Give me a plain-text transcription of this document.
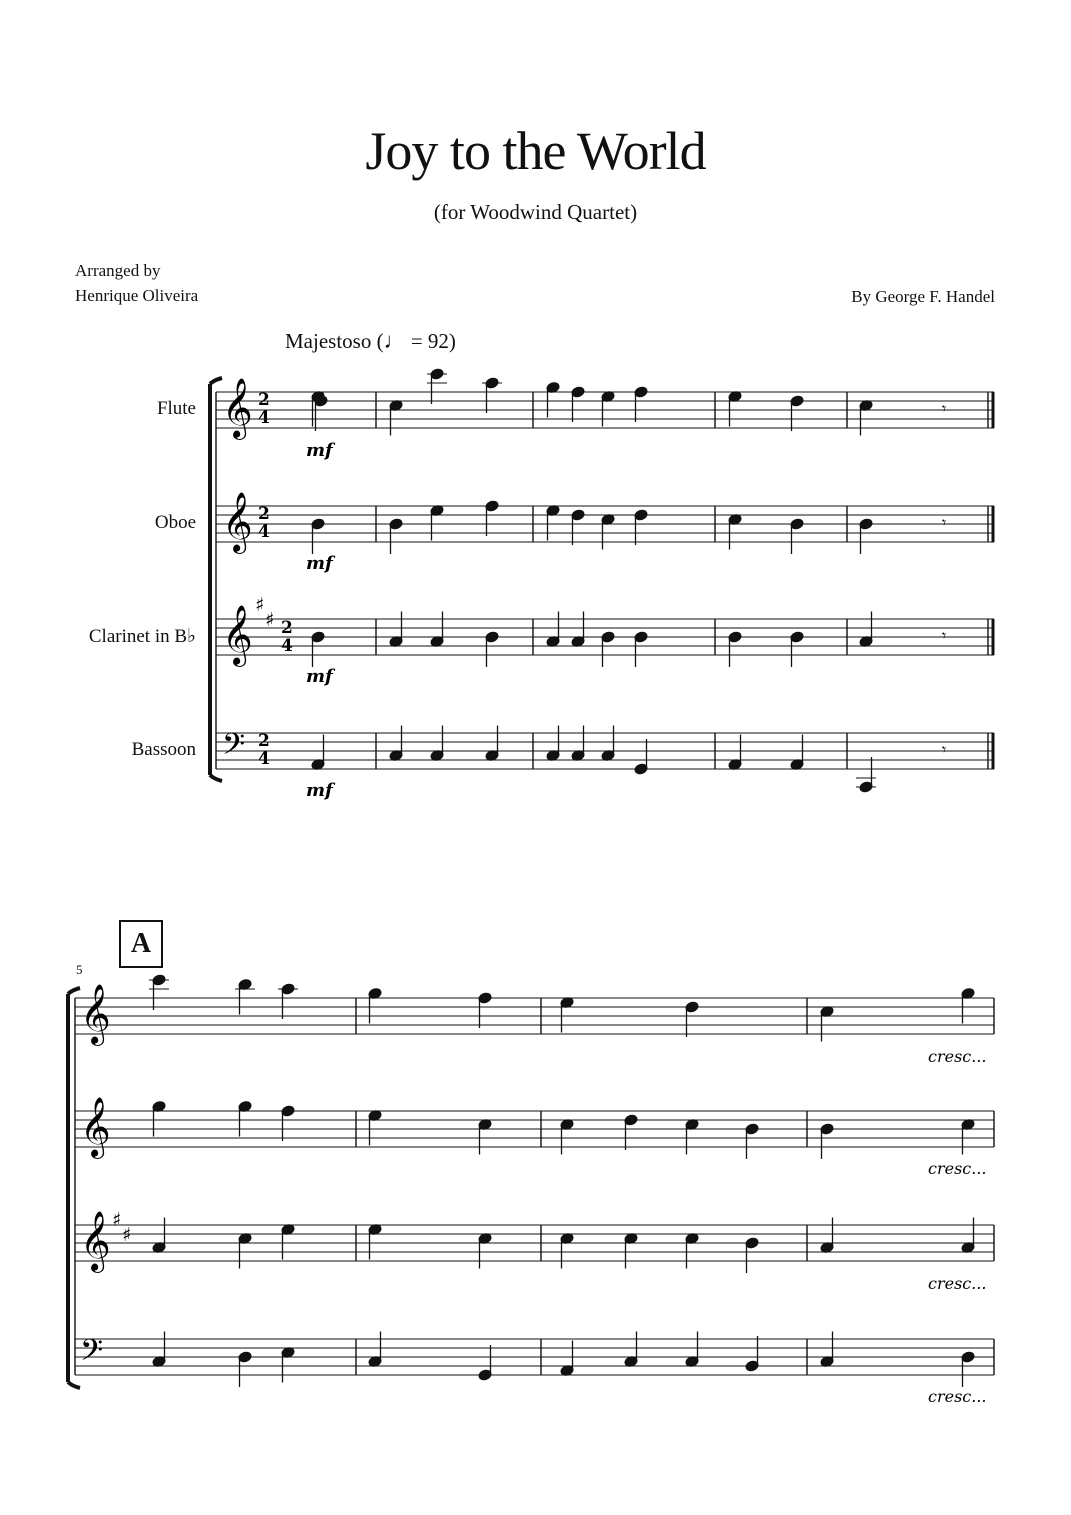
Joy to the World
(for Woodwind Quartet)
Arranged by
Henrique Oliveira	By George F. Handel
Majestoso (♩ = 92)
Flute
Oboe
Clarinet in B♭
Bassoon
A
5
2
4
2
4
2
4
2
4
♯
♯
♯
♯
mf
mf
mf
mf
cresc...
cresc...
cresc...
cresc...
𝄞
𝄞
𝄞
𝄢
𝄾
𝄾
𝄾
𝄾
𝄞
𝄞
𝄞
𝄢
